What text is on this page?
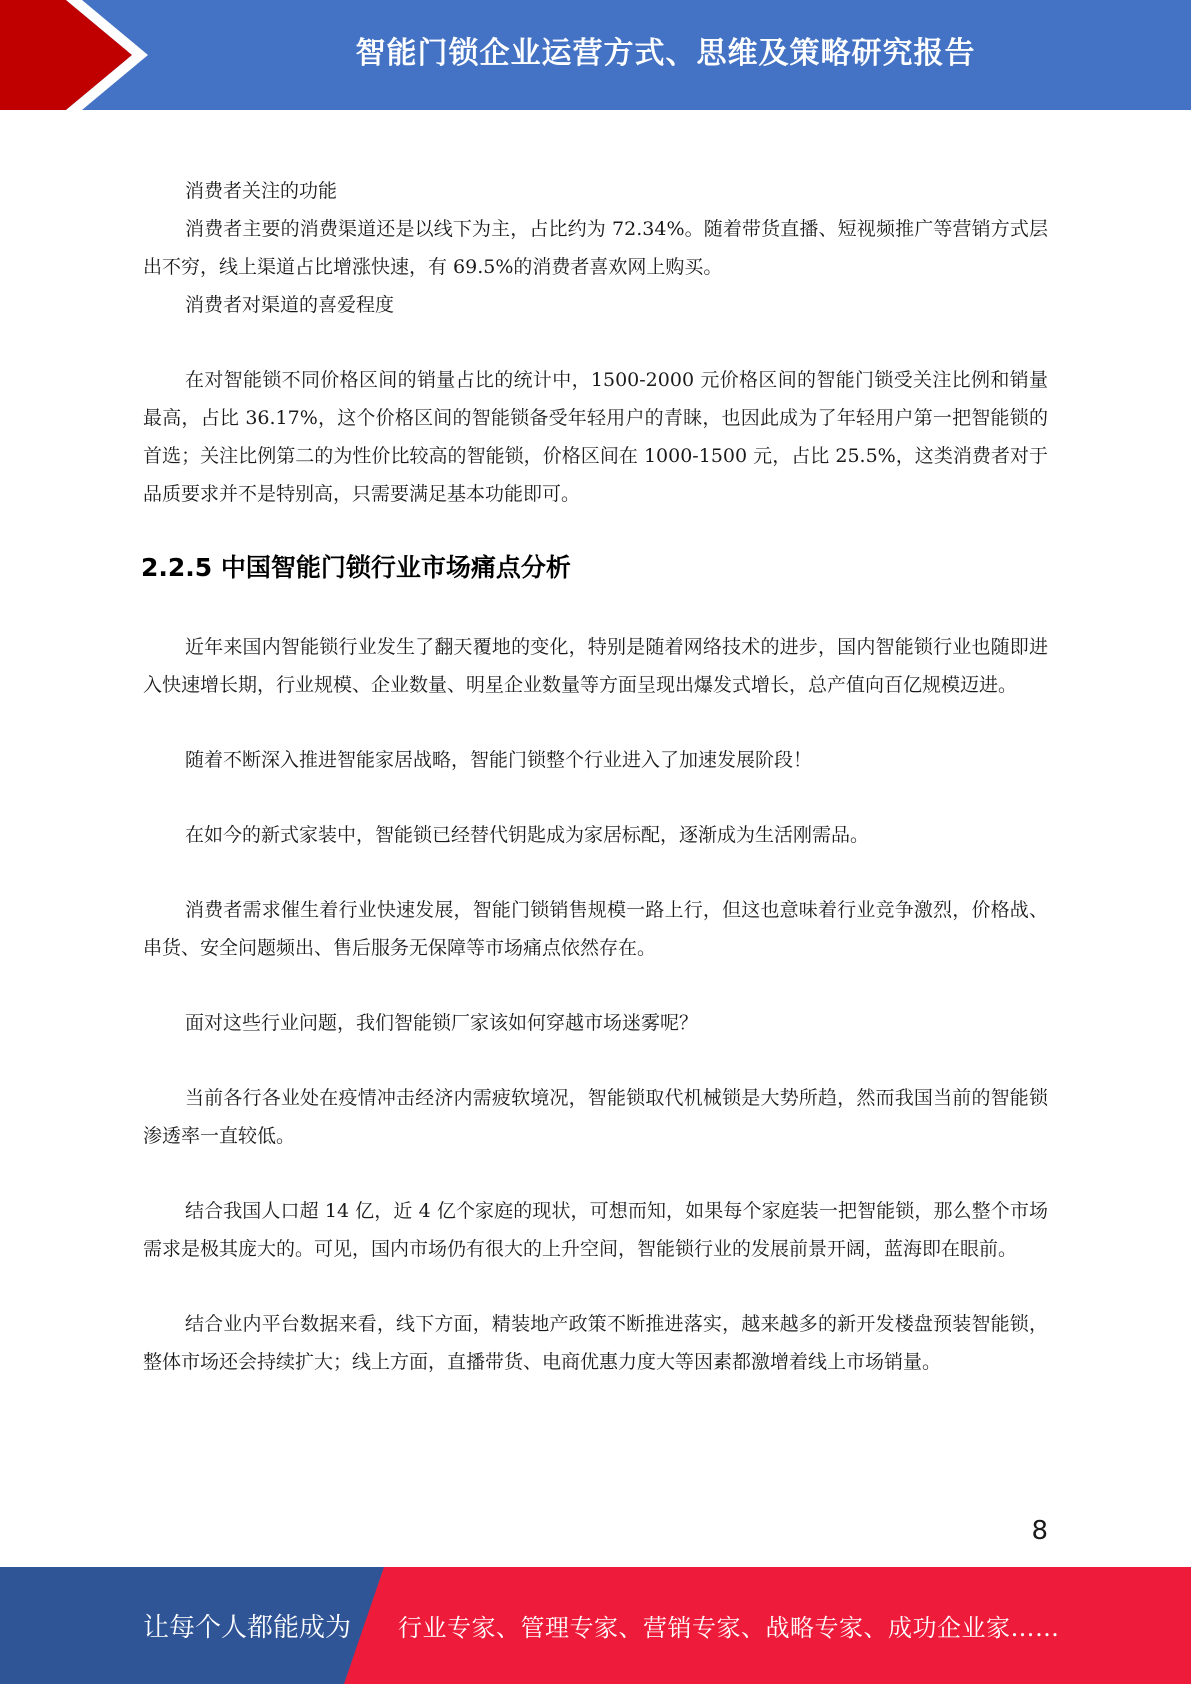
智能门锁企业运营方式、思维及策略研究报告

消费者关注的功能

消费者主要的消费渠道还是以线下为主，占比约为 72.34%。随着带货直播、短视频推广等营销方式层出不穷，线上渠道占比增涨快速，有 69.5%的消费者喜欢网上购买。

消费者对渠道的喜爱程度

在对智能锁不同价格区间的销量占比的统计中，1500-2000 元价格区间的智能门锁受关注比例和销量最高，占比 36.17%，这个价格区间的智能锁备受年轻用户的青睐，也因此成为了年轻用户第一把智能锁的首选；关注比例第二的为性价比较高的智能锁，价格区间在 1000-1500 元，占比 25.5%，这类消费者对于品质要求并不是特别高，只需要满足基本功能即可。

2.2.5 中国智能门锁行业市场痛点分析

近年来国内智能锁行业发生了翻天覆地的变化，特别是随着网络技术的进步，国内智能锁行业也随即进入快速增长期，行业规模、企业数量、明星企业数量等方面呈现出爆发式增长，总产值向百亿规模迈进。

随着不断深入推进智能家居战略，智能门锁整个行业进入了加速发展阶段！

在如今的新式家装中，智能锁已经替代钥匙成为家居标配，逐渐成为生活刚需品。

消费者需求催生着行业快速发展，智能门锁销售规模一路上行，但这也意味着行业竞争激烈，价格战、串货、安全问题频出、售后服务无保障等市场痛点依然存在。

面对这些行业问题，我们智能锁厂家该如何穿越市场迷雾呢？

当前各行各业处在疫情冲击经济内需疲软境况，智能锁取代机械锁是大势所趋，然而我国当前的智能锁渗透率一直较低。

结合我国人口超 14 亿，近 4 亿个家庭的现状，可想而知，如果每个家庭装一把智能锁，那么整个市场需求是极其庞大的。可见，国内市场仍有很大的上升空间，智能锁行业的发展前景开阔，蓝海即在眼前。

结合业内平台数据来看，线下方面，精装地产政策不断推进落实，越来越多的新开发楼盘预装智能锁，整体市场还会持续扩大；线上方面，直播带货、电商优惠力度大等因素都激增着线上市场销量。

8
让每个人都能成为 行业专家、管理专家、营销专家、战略专家、成功企业家……
